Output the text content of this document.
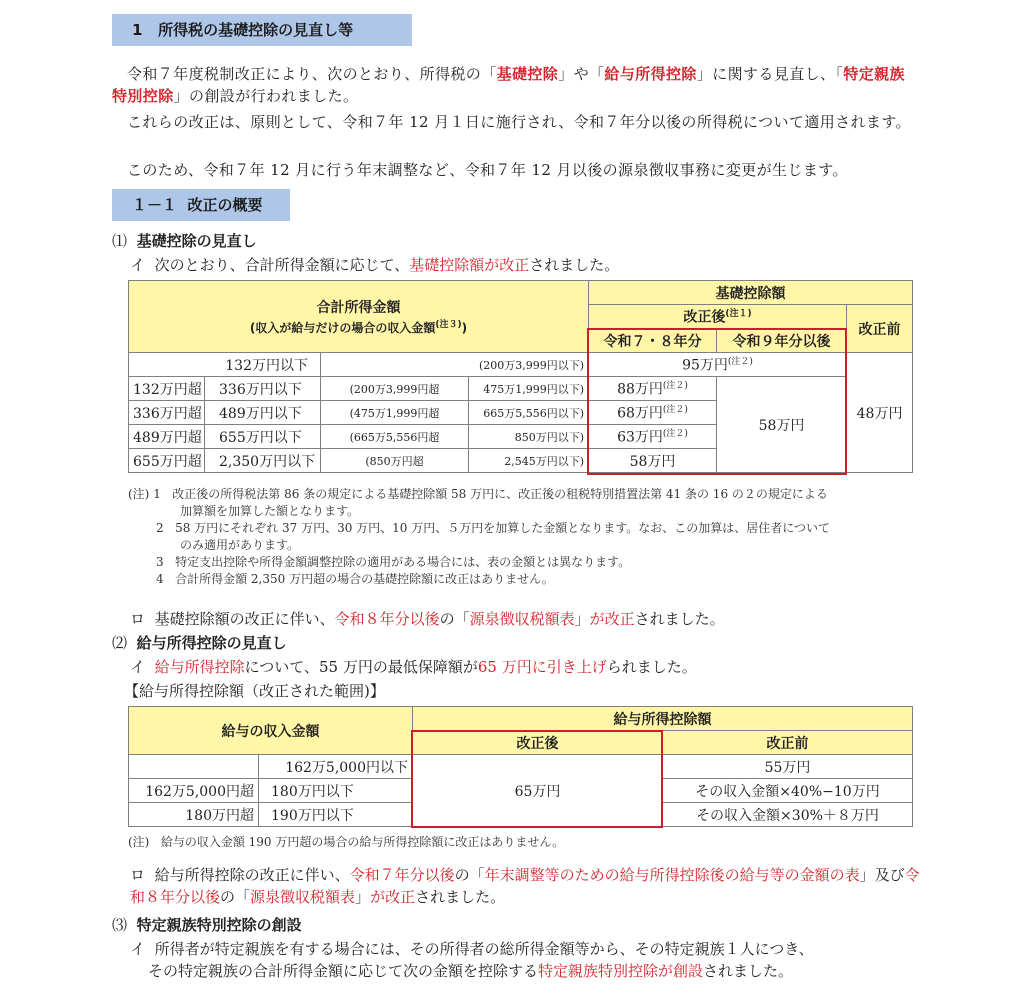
1 所得税の基礎控除の見直し等
令和７年度税制改正により、次のとおり、所得税の「基礎控除」や「給与所得控除」に関する見直し、「特定親族特別控除」の創設が行われました。
これらの改正は、原則として、令和７年 12 月１日に施行され、令和７年分以後の所得税について適用されます。
このため、令和７年 12 月に行う年末調整など、令和７年 12 月以後の源泉徴収事務に変更が生じます。
１－１ 改正の概要
⑴ 基礎控除の見直し
イ 次のとおり、合計所得金額に応じて、基礎控除額が改正されました。
合計所得金額
(収入が給与だけの場合の収入金額$^{(注3)}$)				基礎控除額		
				改正後$^{(注1)}$		改正前
				令和７・８年分	令和９年分以後	
132万円以下		(200万3,999円以下)		95万円$^{(注2)}$		48万円
132万円超	336万円以下	(200万3,999円超	475万1,999円以下)	88万円$^{(注2)}$	58万円	
336万円超	489万円以下	(475万1,999円超	665万5,556円以下)	68万円$^{(注2)}$
489万円超	655万円以下	(665万5,556円超	850万円以下)	63万円$^{(注2)}$
655万円超	2,350万円以下	(850万円超	2,545万円以下)	58万円		
(注) 1 改正後の所得税法第 86 条の規定による基礎控除額 58 万円に、改正後の租税特別措置法第 41 条の 16 の２の規定による
加算額を加算した額となります。
2 58 万円にそれぞれ 37 万円、30 万円、10 万円、５万円を加算した金額となります。なお、この加算は、居住者について
のみ適用があります。
3 特定支出控除や所得金額調整控除の適用がある場合には、表の金額とは異なります。
4 合計所得金額 2,350 万円超の場合の基礎控除額に改正はありません。
ロ 基礎控除額の改正に伴い、令和８年分以後の「源泉徴収税額表」が改正されました。
⑵ 給与所得控除の見直し
イ 給与所得控除について、55 万円の最低保障額が65 万円に引き上げられました。
【給与所得控除額（改正された範囲)】
給与の収入金額		給与所得控除額	
		改正後	改正前
	162万5,000円以下	65万円	55万円
162万5,000円超	180万円以下		その収入金額×40%−10万円
180万円超	190万円以下		その収入金額×30%＋８万円
(注) 給与の収入金額 190 万円超の場合の給与所得控除額に改正はありません。
ロ 給与所得控除の改正に伴い、令和７年分以後の「年末調整等のための給与所得控除後の給与等の金額の表」及び令和８年分以後の「源泉徴収税額表」が改正されました。
⑶ 特定親族特別控除の創設
イ 所得者が特定親族を有する場合には、その所得者の総所得金額等から、その特定親族１人につき、
その特定親族の合計所得金額に応じて次の金額を控除する特定親族特別控除が創設されました。
